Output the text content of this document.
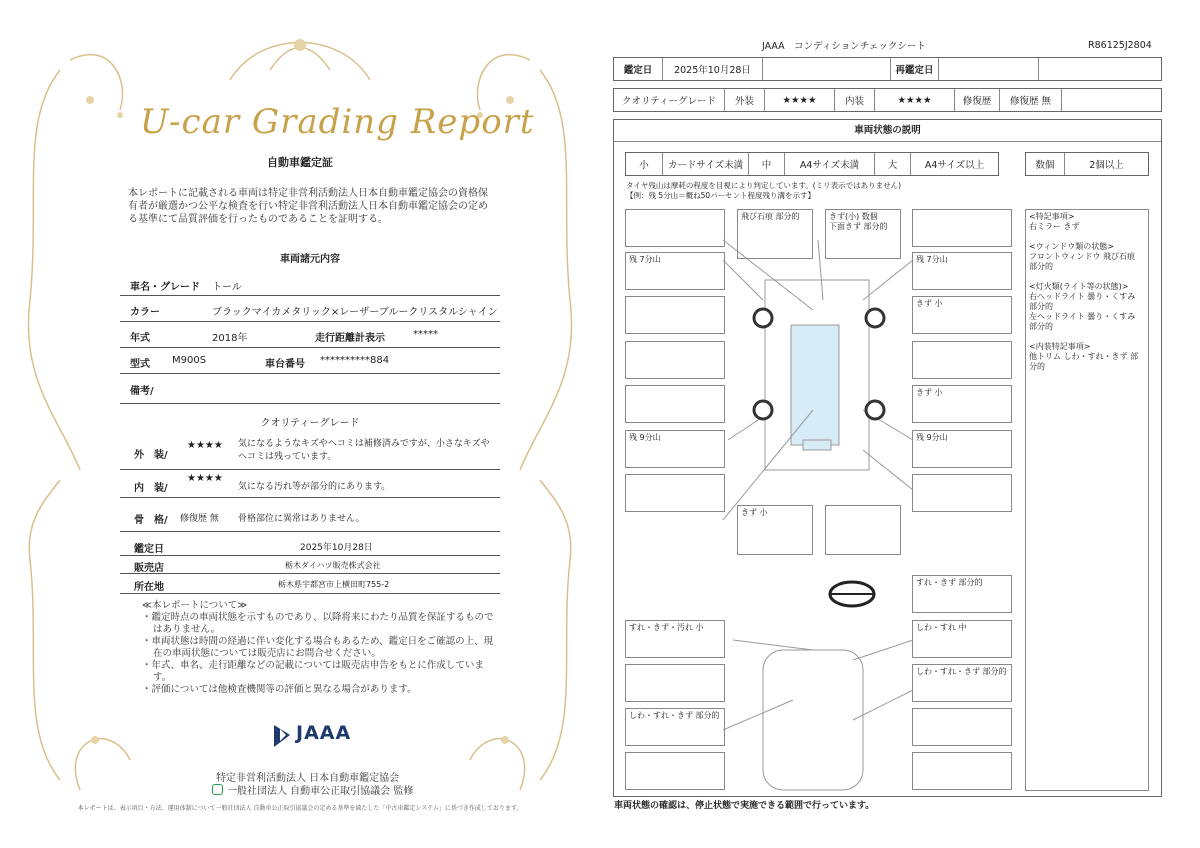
U-car Grading Report
自動車鑑定証
本レポートに記載される車両は特定非営利活動法人日本自動車鑑定協会の資格保有者が厳選かつ公平な検査を行い特定非営利活動法人日本自動車鑑定協会の定める基準にて品質評価を行ったものであることを証明する。
車両諸元内容
車名・グレード トール
カラー	ブラックマイカメタリック×レーザーブルークリスタルシャイン
年式	2018年	走行距離計表示	*****
型式 M900S	車台番号 **********884
備考/
クオリティーグレード
外　装/
★★★★ 気になるようなキズやヘコミは補修済みですが、小さなキズやヘコミは残っています。
内　装/
★★★★
気になる汚れ等が部分的にあります。
骨　格/ 修復歴 無 骨格部位に異常はありません。
鑑定日	2025年10月28日
販売店	栃木ダイハツ販売株式会社
所在地	栃木県宇都宮市上横田町755-2
≪本レポートについて≫
・鑑定時点の車両状態を示すものであり、以降将来にわたり品質を保証するものではありません。
・車両状態は時間の経過に伴い変化する場合もあるため、鑑定日をご確認の上、現在の車両状態については販売店にお問合せください。
・年式、車名、走行距離などの記載については販売店申告をもとに作成しています。
・評価については他検査機関等の評価と異なる場合があります。
JAAA
特定非営利活動法人 日本自動車鑑定協会
一般社団法人 自動車公正取引協議会 監修
本レポートは、表示項目・方法、運用体制について一般社団法人 自動車公正取引協議会の定める基準を満たした「中古車鑑定システム」に基づき作成しております。
JAAA　コンディションチェックシート	R86125J2804
鑑定日	2025年10月28日	再鑑定日
クオリティーグレード	外装	★★★★	内装	★★★★	修復歴	修復歴 無
車両状態の説明
小	カードサイズ未満	中	A4サイズ未満	大	A4サイズ以上	数個	2個以上
タイヤ残山は摩耗の程度を目視により判定しています。(ミリ表示ではありません)
【例：残 5分山＝概ね50パーセント程度残り溝を示す】
飛び石痕 部分的	きず(小) 数個
下面きず 部分的
残 7分山	残 7分山
きず 小
きず 小
残 9分山	残 9分山
きず 小
すれ・きず 部分的
すれ・きず・汚れ 小	しわ・すれ 中
しわ・すれ・きず 部分的
しわ・すれ・きず 部分的
<特記事項>
右ミラー きず
<ウィンドウ類の状態>
フロントウィンドウ 飛び石痕 部分的
<灯火類(ライト等の状態)>
右ヘッドライト 曇り・くすみ 部分的
左ヘッドライト 曇り・くすみ 部分的
<内装特記事項>
他トリム しわ・すれ・きず 部分的
車両状態の確認は、停止状態で実施できる範囲で行っています。
